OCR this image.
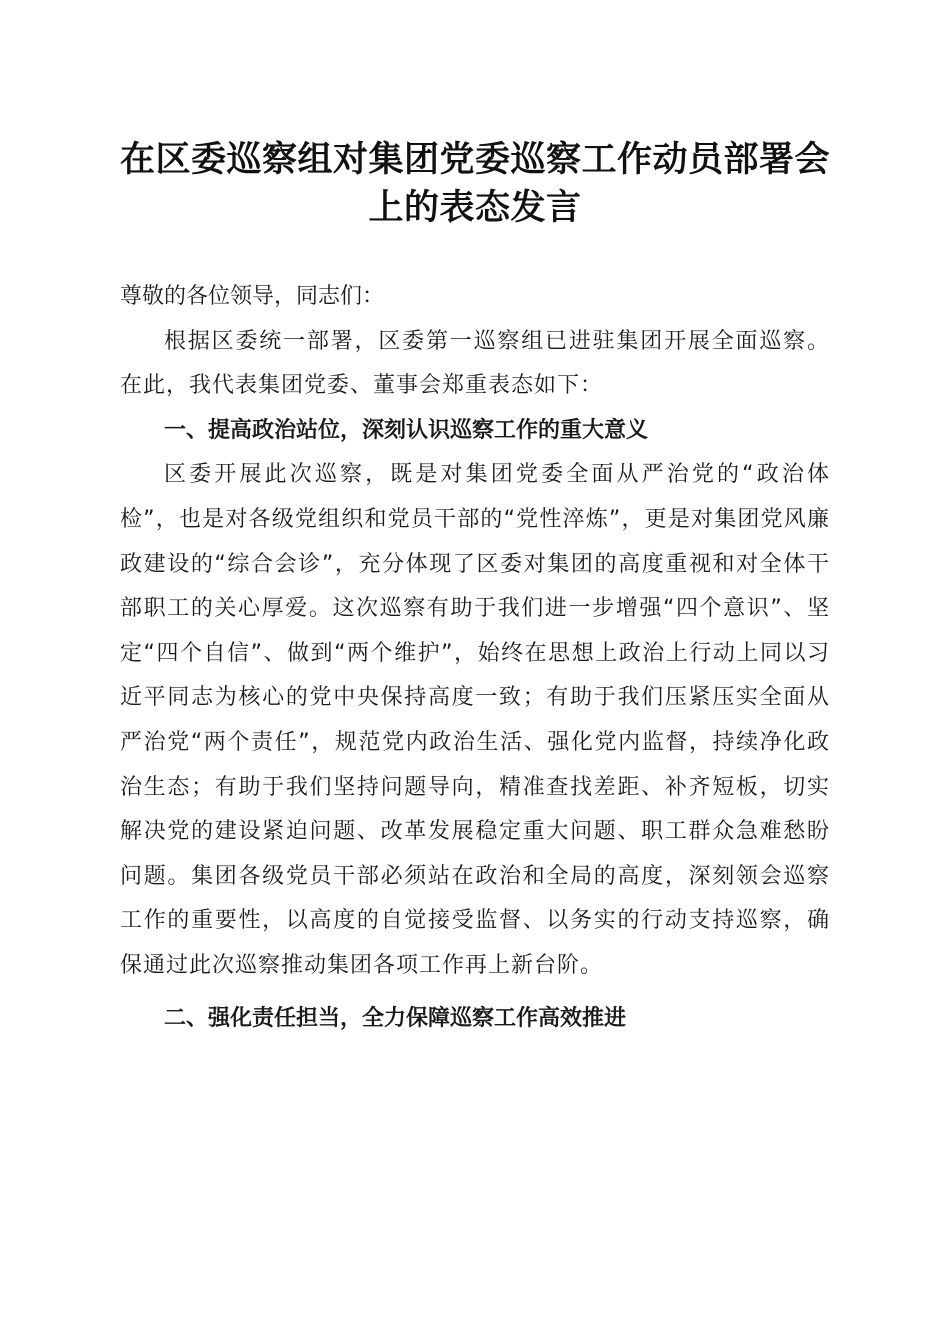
在区委巡察组对集团党委巡察工作动员部署会
上的表态发言

尊敬的各位领导，同志们：

根据区委统一部署，区委第一巡察组已进驻集团开展全面巡察。在此，我代表集团党委、董事会郑重表态如下：

一、提高政治站位，深刻认识巡察工作的重大意义

区委开展此次巡察，既是对集团党委全面从严治党的“政治体检”，也是对各级党组织和党员干部的“党性淬炼”，更是对集团党风廉政建设的“综合会诊”，充分体现了区委对集团的高度重视和对全体干部职工的关心厚爱。这次巡察有助于我们进一步增强“四个意识”、坚定“四个自信”、做到“两个维护”，始终在思想上政治上行动上同以习近平同志为核心的党中央保持高度一致；有助于我们压紧压实全面从严治党“两个责任”，规范党内政治生活、强化党内监督，持续净化政治生态；有助于我们坚持问题导向，精准查找差距、补齐短板，切实解决党的建设紧迫问题、改革发展稳定重大问题、职工群众急难愁盼问题。集团各级党员干部必须站在政治和全局的高度，深刻领会巡察工作的重要性，以高度的自觉接受监督、以务实的行动支持巡察，确保通过此次巡察推动集团各项工作再上新台阶。

二、强化责任担当，全力保障巡察工作高效推进
